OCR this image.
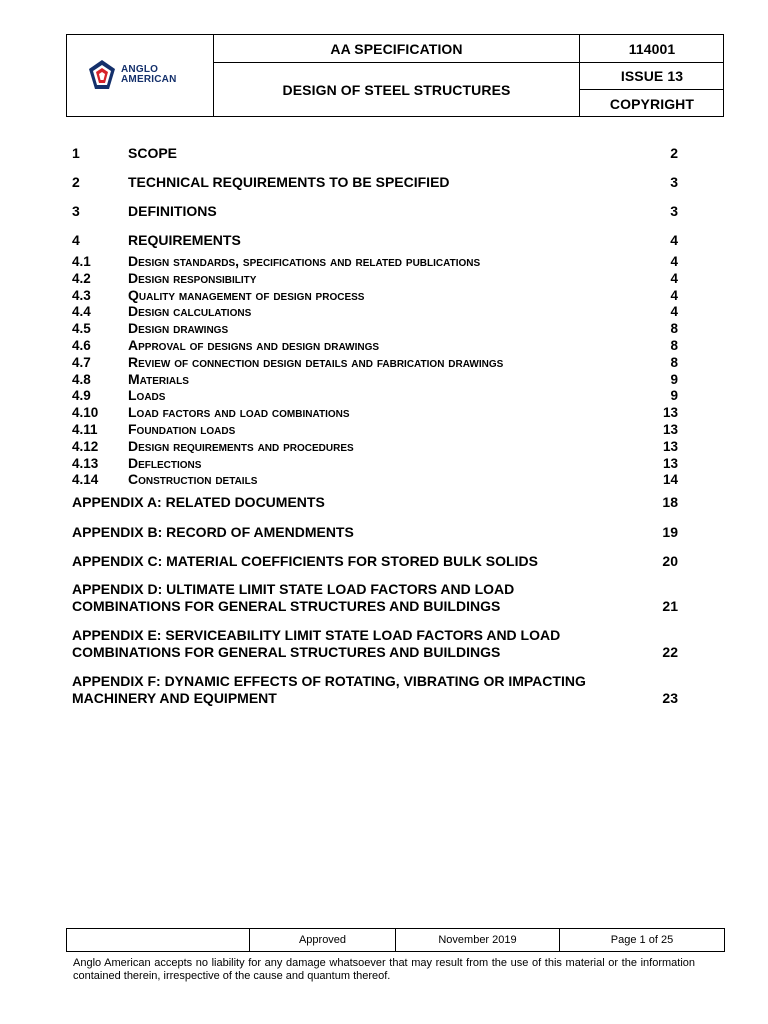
ANGLO
AMERICAN
AA SPECIFICATION	114001
DESIGN OF STEEL STRUCTURES
ISSUE 13
COPYRIGHT
1	SCOPE	2
2	TECHNICAL REQUIREMENTS TO BE SPECIFIED	3
3	DEFINITIONS	3
4	REQUIREMENTS	4
4.1	Design standards, specifications and related publications	4
4.2	Design responsibility	4
4.3	Quality management of design process	4
4.4	Design calculations	4
4.5	Design drawings	8
4.6	Approval of designs and design drawings	8
4.7	Review of connection design details and fabrication drawings	8
4.8	Materials	9
4.9	Loads	9
4.10 Load factors and load combinations	13
4.11 Foundation loads	13
4.12 Design requirements and procedures	13
4.13 Deflections	13
4.14 Construction details	14
APPENDIX A: RELATED DOCUMENTS	18
APPENDIX B: RECORD OF AMENDMENTS	19
APPENDIX C: MATERIAL COEFFICIENTS FOR STORED BULK SOLIDS	20
APPENDIX D: ULTIMATE LIMIT STATE LOAD FACTORS AND LOAD
COMBINATIONS FOR GENERAL STRUCTURES AND BUILDINGS	21
APPENDIX E: SERVICEABILITY LIMIT STATE LOAD FACTORS AND LOAD
COMBINATIONS FOR GENERAL STRUCTURES AND BUILDINGS	22
APPENDIX F: DYNAMIC EFFECTS OF ROTATING, VIBRATING OR IMPACTING
MACHINERY AND EQUIPMENT	23
Approved	November 2019	Page 1 of 25
Anglo American accepts no liability for any damage whatsoever that may result from the use of this material or the information contained therein, irrespective of the cause and quantum thereof.
